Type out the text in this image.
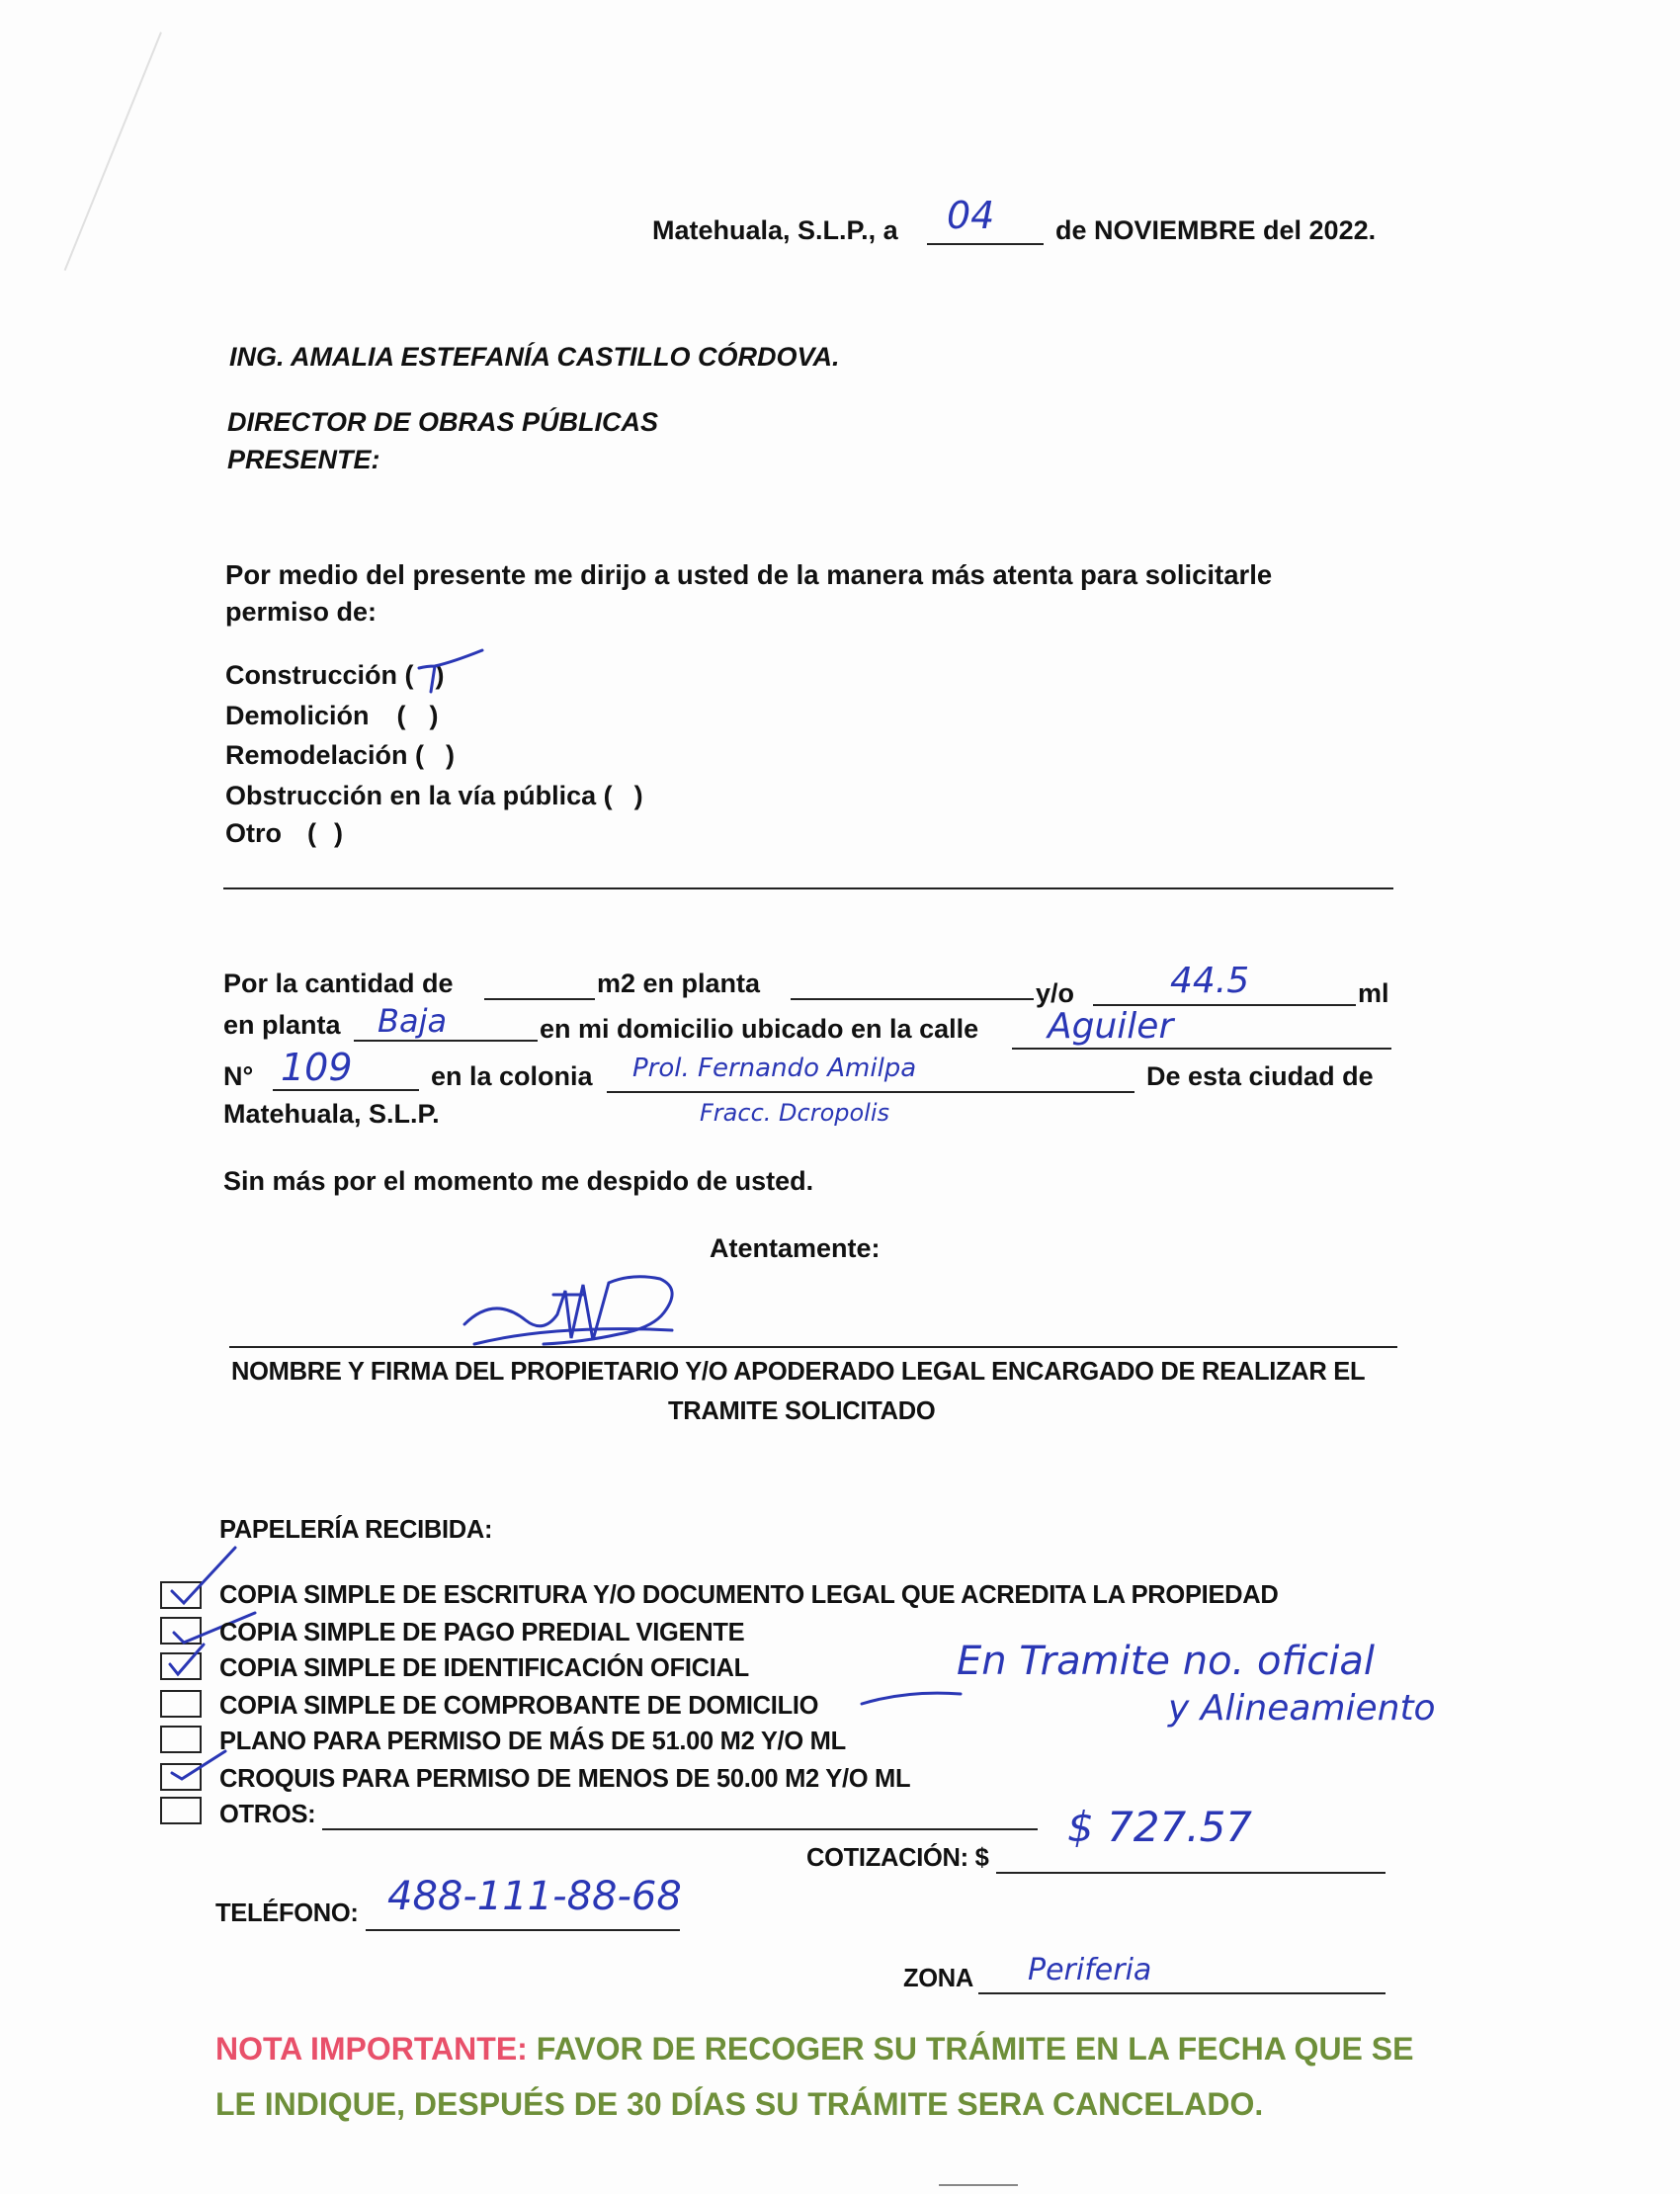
Matehuala, S.L.P., a 04 de NOVIEMBRE del 2022.
ING. AMALIA ESTEFANÍA CASTILLO CÓRDOVA.
DIRECTOR DE OBRAS PÚBLICAS
PRESENTE:
Por medio del presente me dirijo a usted de la manera más atenta para solicitarle
permiso de:
Construcción ( )
Demolición ( )
Remodelación ( )
Obstrucción en la vía pública ( )
Otro ( )
Por la cantidad de	m2 en planta	y/o	44.5	ml
en planta Baja	en mi domicilio ubicado en la calle Aguiler
N° 109	en la colonia Prol. Fernando Amilpa
Fracc. Dcropolis
De esta ciudad de
Matehuala, S.L.P.
Sin más por el momento me despido de usted.
Atentamente:
NOMBRE Y FIRMA DEL PROPIETARIO Y/O APODERADO LEGAL ENCARGADO DE REALIZAR EL
TRAMITE SOLICITADO
PAPELERÍA RECIBIDA:
COPIA SIMPLE DE ESCRITURA Y/O DOCUMENTO LEGAL QUE ACREDITA LA PROPIEDAD
COPIA SIMPLE DE PAGO PREDIAL VIGENTE
COPIA SIMPLE DE IDENTIFICACIÓN OFICIAL
COPIA SIMPLE DE COMPROBANTE DE DOMICILIO
PLANO PARA PERMISO DE MÁS DE 51.00 M2 Y/O ML
CROQUIS PARA PERMISO DE MENOS DE 50.00 M2 Y/O ML
OTROS:
En Tramite no. oficial
y Alineamiento
COTIZACIÓN: $
$ 727.57
TELÉFONO: 488-111-88-68
ZONA Periferia
NOTA IMPORTANTE: FAVOR DE RECOGER SU TRÁMITE EN LA FECHA QUE SE LE INDIQUE, DESPUÉS DE 30 DÍAS SU TRÁMITE SERA CANCELADO.
